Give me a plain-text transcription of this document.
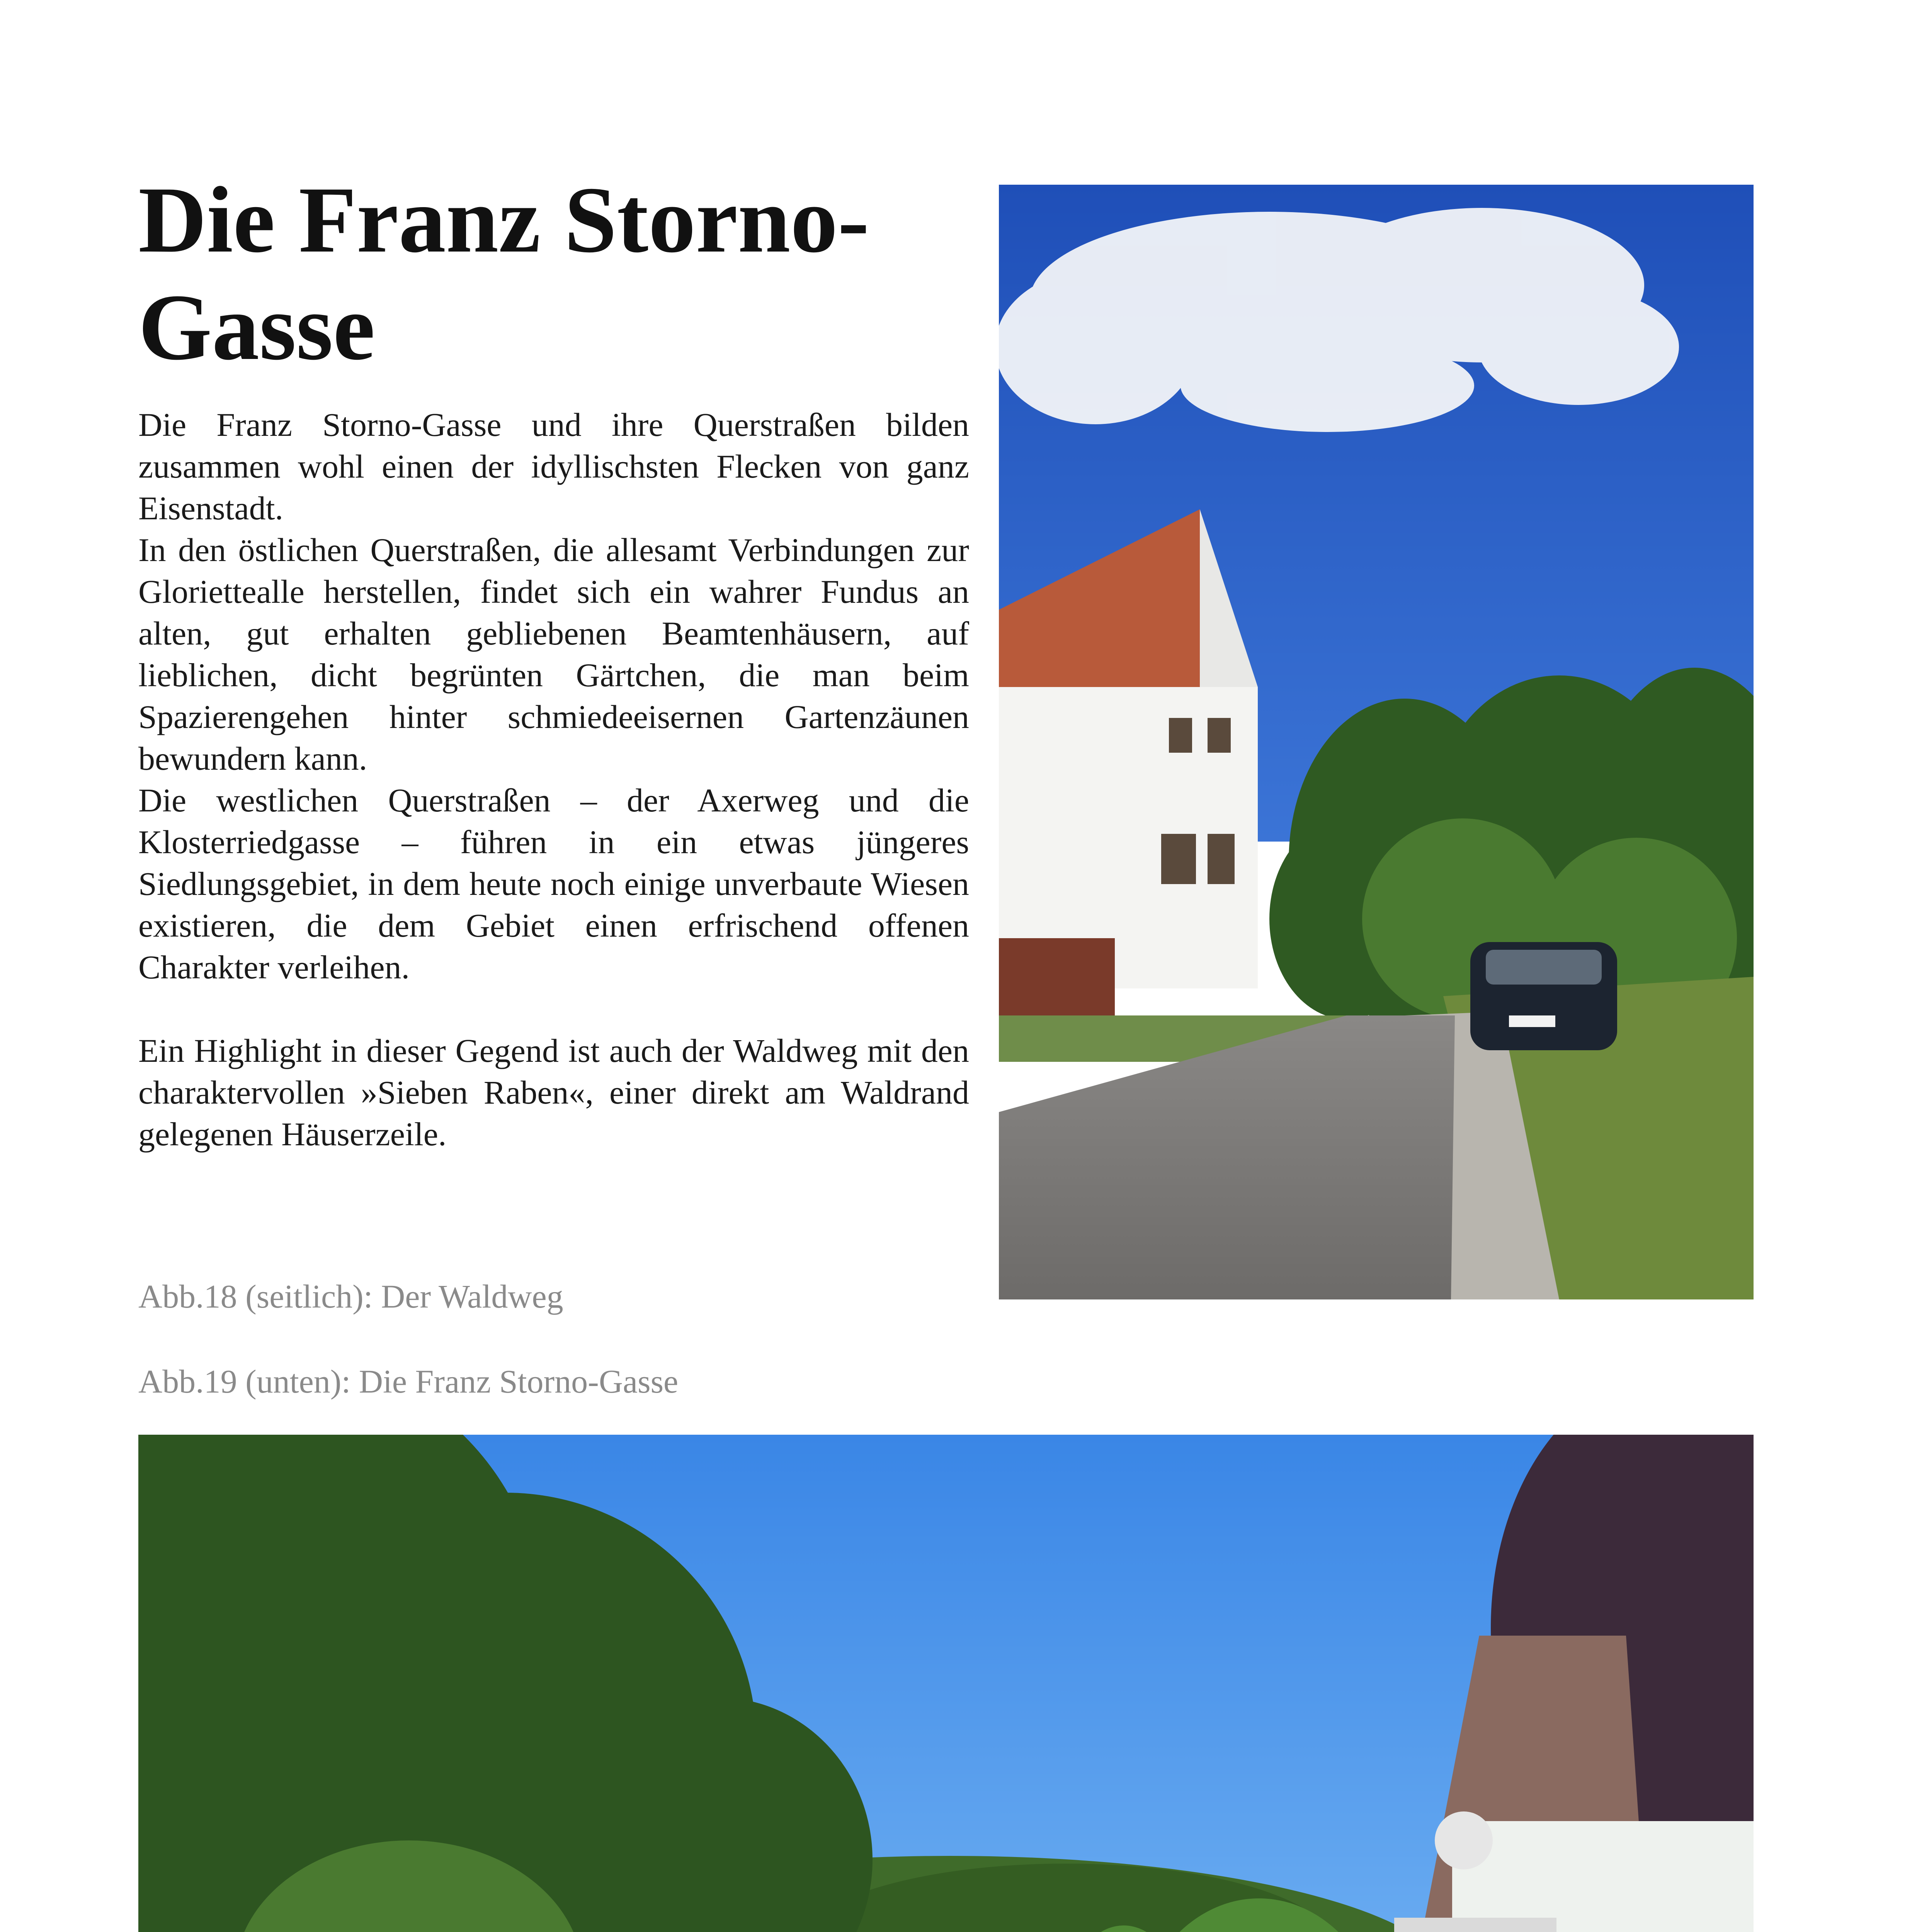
Die Franz Storno-Gasse

Die Franz Storno-Gasse und ihre Querstraßen bilden zusammen wohl einen der idyllischsten Flecken von ganz Eisenstadt.

In den östlichen Querstraßen, die allesamt Verbindungen zur Gloriettealle herstellen, findet sich ein wahrer Fundus an alten, gut erhalten gebliebenen Beamtenhäusern, auf lieblichen, dicht begrünten Gärtchen, die man beim Spazierengehen hinter schmiedeeisernen Gartenzäunen bewundern kann.

Die westlichen Querstraßen – der Axerweg und die Klosterriedgasse – führen in ein etwas jüngeres Siedlungsgebiet, in dem heute noch einige unverbaute Wiesen existieren, die dem Gebiet einen erfrischend offenen Charakter verleihen.

Ein Highlight in dieser Gegend ist auch der Waldweg mit den charaktervollen »Sieben Raben«, einer direkt am Waldrand gelegenen Häuserzeile.

Abb.18 (seitlich): Der Waldweg
Abb.19 (unten): Die Franz Storno-Gasse
